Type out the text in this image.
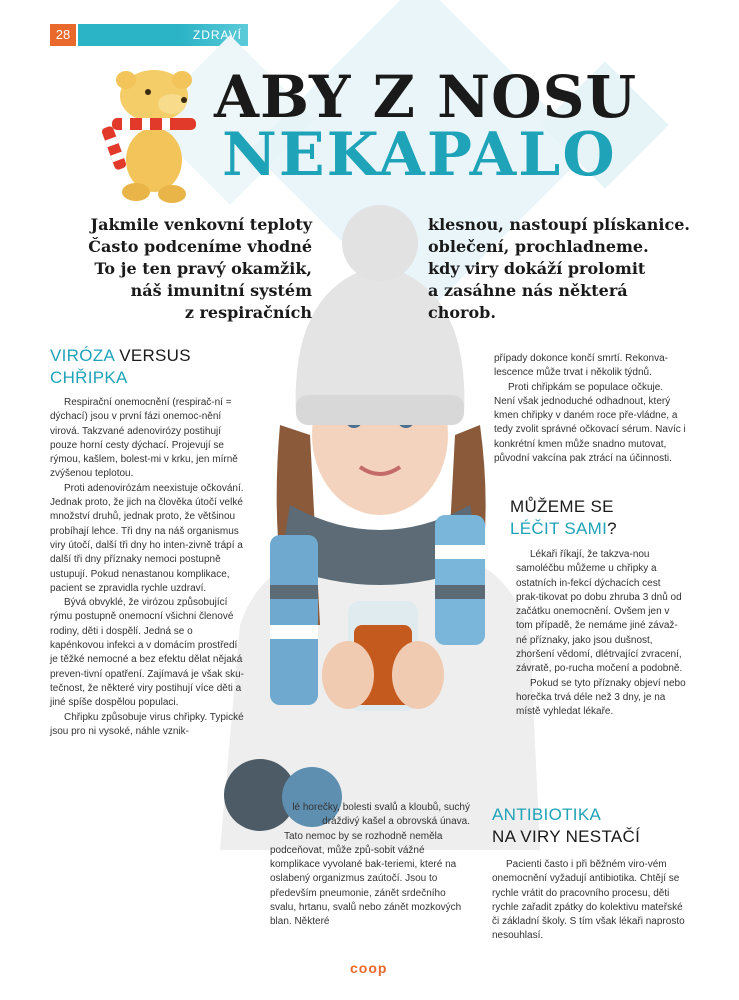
28	ZDRAVÍ
ABY Z NOSU
NEKAPALO
Jakmile venkovní teploty
Často podceníme vhodné
To je ten pravý okamžik,
náš imunitní systém
z respiračních
klesnou, nastoupí plískanice.
oblečení, prochladneme.
kdy viry dokáží prolomit
a zasáhne nás některá
chorob.
VIRÓZA VERSUS
CHŘIPKA

Respirační onemocnění (respirač-ní = dýchací) jsou v první fázi onemoc-nění virová. Takzvané adenovirózy postihují pouze horní cesty dýchací. Projevují se rýmou, kašlem, bolest-mi v krku, jen mírně zvýšenou teplotou.

Proti adenovirózám neexistuje očkování. Jednak proto, že jich na člověka útočí velké množství druhů, jednak proto, že většinou probíhají lehce. Tři dny na náš organismus viry útočí, další tři dny ho inten-zivně trápí a další tři dny příznaky nemoci postupně ustupují. Pokud nenastanou komplikace, pacient se zpravidla rychle uzdraví.

Bývá obvyklé, že virózou způsobující rýmu postupně onemocní všichni členové rodiny, děti i dospělí. Jedná se o kapénkovou infekci a v domácím prostředí je těžké nemocné a bez efektu dělat nějaká preven-tivní opatření. Zajímavá je však sku-tečnost, že některé viry postihují více děti a jiné spíše dospělou populaci.

Chřipku způsobuje virus chřipky. Typické jsou pro ni vysoké, náhle vznik-

lé horečky, bolesti svalů a kloubů, suchý dráždivý kašel a obrovská únava.

Tato nemoc by se rozhodně neměla podceňovat, může způ-sobit vážné komplikace vyvolané bak-teriemi, které na oslabený organizmus zaútočí. Jsou to především pneumonie, zánět srdečního svalu, hrtanu, svalů nebo zánět mozkových blan. Některé

případy dokonce končí smrtí. Rekonva-lescence může trvat i několik týdnů.

Proti chřipkám se populace očkuje. Není však jednoduché odhadnout, který kmen chřipky v daném roce pře-vládne, a tedy zvolit správné očkovací sérum. Navíc i konkrétní kmen může snadno mutovat, původní vakcína pak ztrácí na účinnosti.

MŮŽEME SE
LÉČIT SAMI?

Lékaři říkají, že takzva-nou samoléčbu můžeme u chřipky a ostatních in-fekcí dýchacích cest prak-tikovat po dobu zhruba 3 dnů od začátku onemocnění. Ovšem jen v tom případě, že nemáme jiné závaž-né příznaky, jako jsou dušnost, zhoršení vědomí, dlétrvající zvracení, závratě, po-rucha močení a podobně.

Pokud se tyto příznaky objeví nebo horečka trvá déle než 3 dny, je na místě vyhledat lékaře.

ANTIBIOTIKA
NA VIRY NESTAČÍ

Pacienti často i při běžném viro-vém onemocnění vyžadují antibiotika. Chtějí se rychle vrátit do pracovního procesu, děti rychle zařadit zpátky do kolektivu mateřské či základní školy. S tím však lékaři naprosto nesouhlasí.

coop
